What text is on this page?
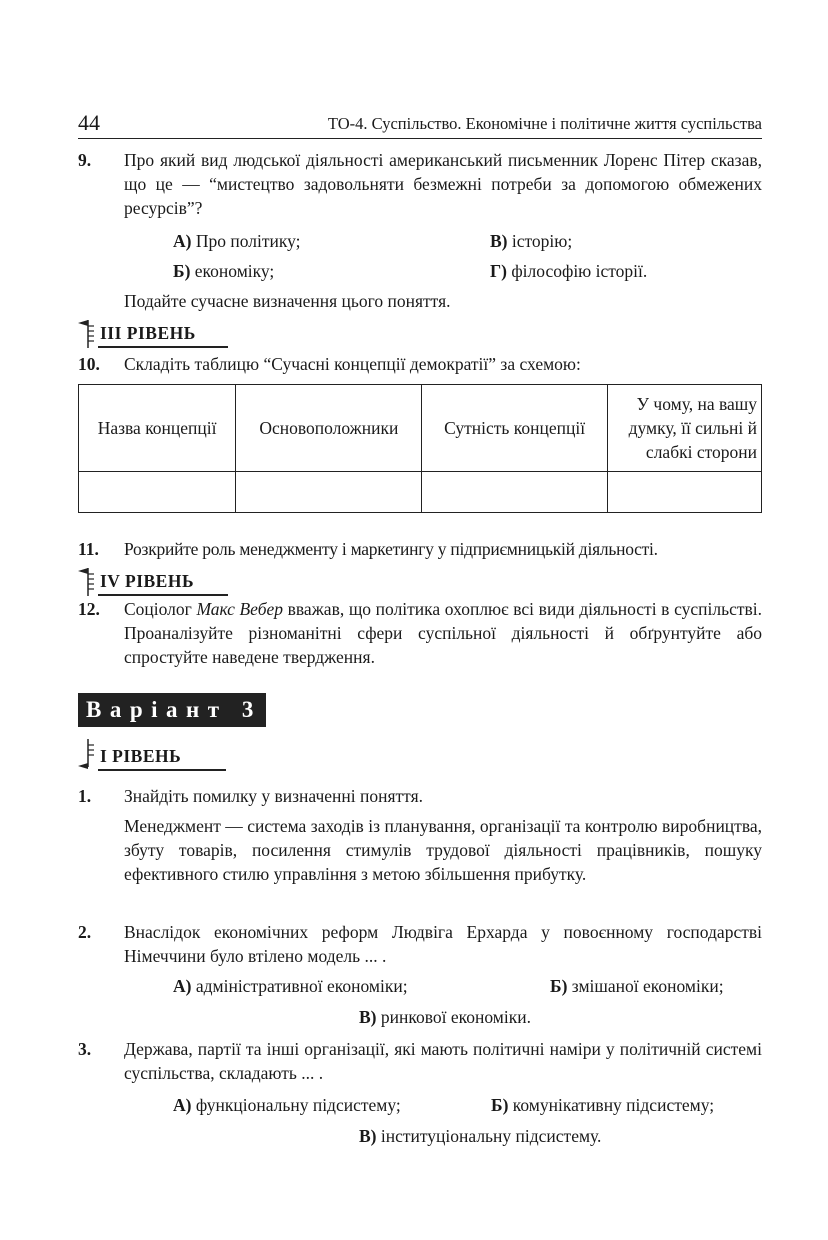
44	ТО-4. Суспільство. Економічне і політичне життя суспільства
9. Про який вид людської діяльності американський письменник Лоренс Пітер сказав, що це — “мистецтво задовольняти безмежні потреби за допомогою обмежених ресурсів”?
А) Про політику;	В) історію;
Б) економіку;	Г) філософію історії.
Подайте сучасне визначення цього поняття.
ІІІ РІВЕНЬ
10. Складіть таблицю “Сучасні концепції демократії” за схемою:
Назва концепції	Основоположники	Сутність концепції	У чому, на вашу думку, її сильні й слабкі сторони

11. Розкрийте роль менеджменту і маркетингу у підприємницькій діяльності.
ІV РІВЕНЬ
12. Соціолог Макс Вебер вважав, що політика охоплює всі види діяльності в суспільстві. Проаналізуйте різноманітні сфери суспільної діяльності й обґрунтуйте або спростуйте наведене твердження.
Варіант 3
І РІВЕНЬ
1. Знайдіть помилку у визначенні поняття.
Менеджмент — система заходів із планування, організації та контролю виробництва, збуту товарів, посилення стимулів трудової діяльності працівників, пошуку ефективного стилю управління з метою збільшення прибутку.
2. Внаслідок економічних реформ Людвіга Ерхарда у повоєнному господарстві Німеччини було втілено модель ... .
А) адміністративної економіки;	Б) змішаної економіки;
В) ринкової економіки.
3. Держава, партії та інші організації, які мають політичні наміри у політичній системі суспільства, складають ... .
А) функціональну підсистему;	Б) комунікативну підсистему;
В) інституціональну підсистему.
